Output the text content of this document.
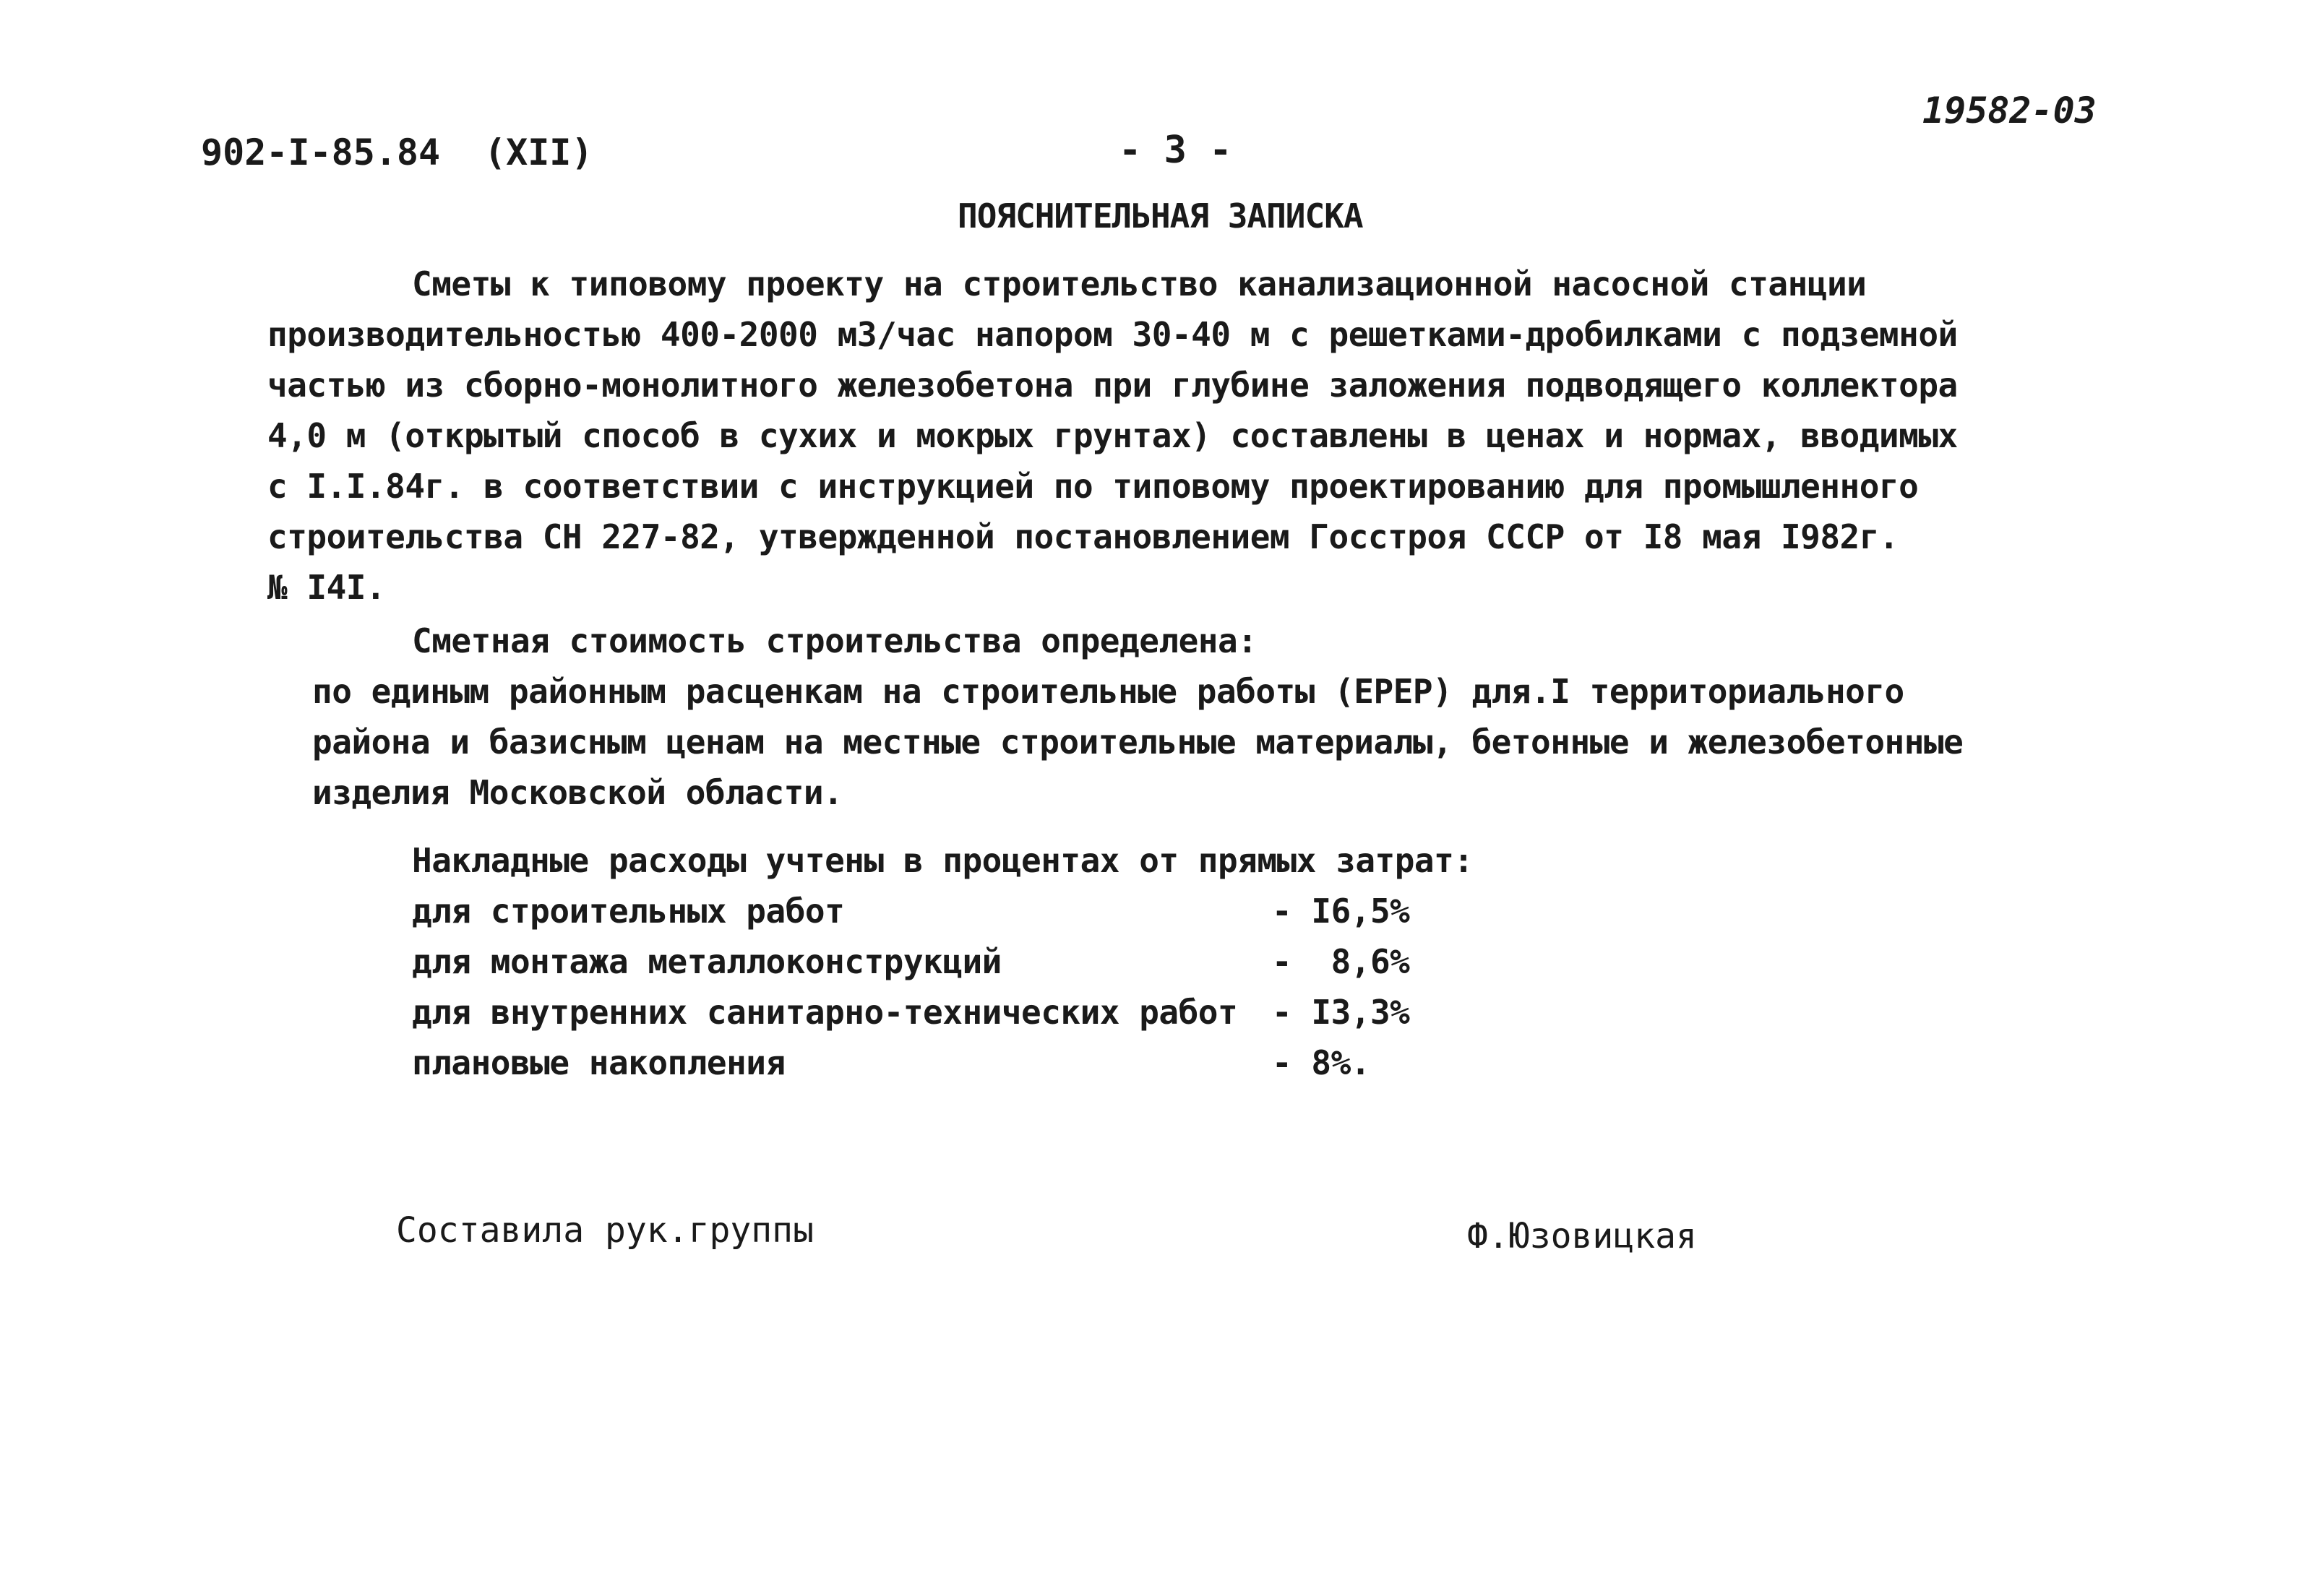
902-I-85.84 (XII)	- 3 -
19582-03
ПОЯСНИТЕЛЬНАЯ ЗАПИСКА
Сметы к типовому проекту на строительство канализационной насосной станции
производительностью 400-2000 м3/час напором 30-40 м с решетками-дробилками с подземной
частью из сборно-монолитного железобетона при глубине заложения подводящего коллектора
4,0 м (открытый способ в сухих и мокрых грунтах) составлены в ценах и нормах, вводимых
с I.I.84г. в соответствии с инструкцией по типовому проектированию для промышленного
строительства СН 227-82, утвержденной постановлением Госстроя СССР от I8 мая I982г.
№ I4I.
Сметная стоимость строительства определена:
по единым районным расценкам на строительные работы (ЕРЕР) для.I территориального
района и базисным ценам на местные строительные материалы, бетонные и железобетонные
изделия Московской области.
Накладные расходы учтены в процентах от прямых затрат:
для строительных работ	- I6,5%
для монтажа металлоконструкций	-  8,6%
для внутренних санитарно-технических работ - I3,3%
плановые накопления	- 8%.
Составила рук.группы	Ф.Юзовицкая
